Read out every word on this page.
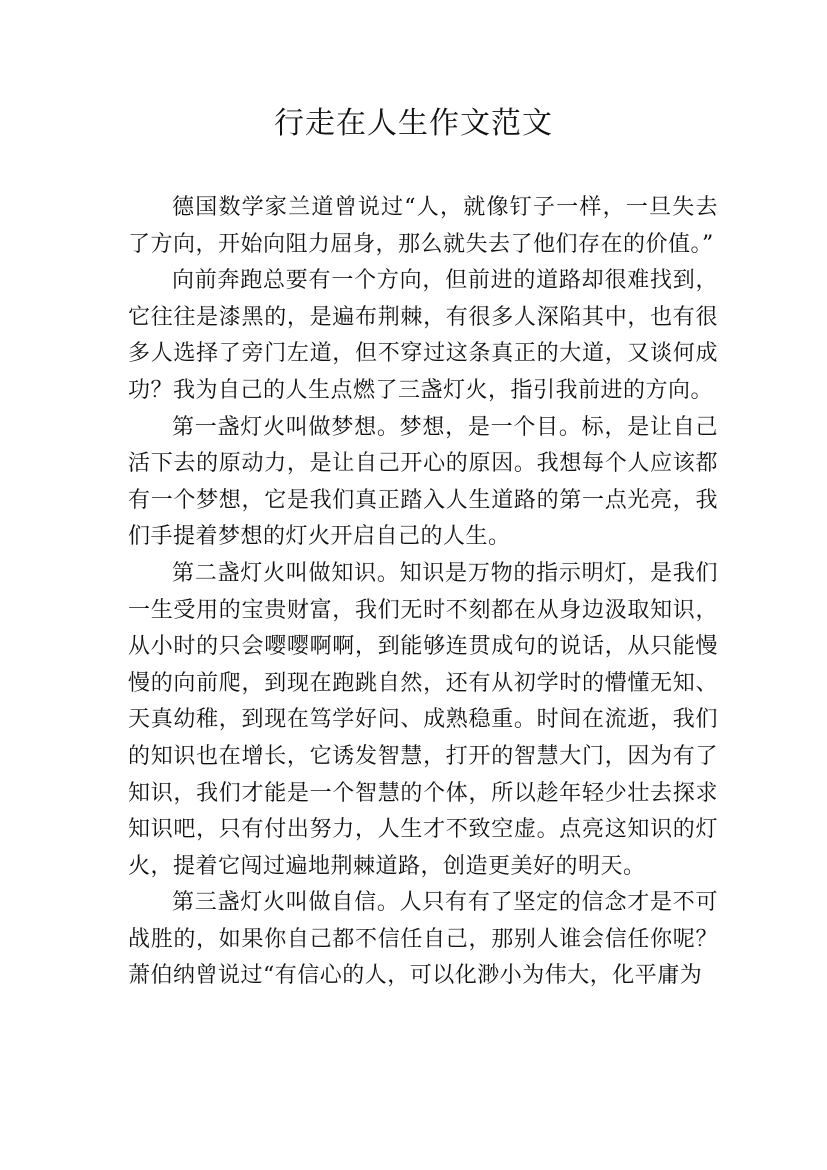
行走在人生作文范文

德国数学家兰道曾说过“人，就像钉子一样，一旦失去了方向，开始向阻力屈身，那么就失去了他们存在的价值。”

向前奔跑总要有一个方向，但前进的道路却很难找到，它往往是漆黑的，是遍布荆棘，有很多人深陷其中，也有很多人选择了旁门左道，但不穿过这条真正的大道，又谈何成功？我为自己的人生点燃了三盏灯火，指引我前进的方向。

第一盏灯火叫做梦想。梦想，是一个目。标，是让自己活下去的原动力，是让自己开心的原因。我想每个人应该都有一个梦想，它是我们真正踏入人生道路的第一点光亮，我们手提着梦想的灯火开启自己的人生。

第二盏灯火叫做知识。知识是万物的指示明灯，是我们一生受用的宝贵财富，我们无时不刻都在从身边汲取知识，从小时的只会嘤嘤啊啊，到能够连贯成句的说话，从只能慢慢的向前爬，到现在跑跳自然，还有从初学时的懵懂无知、天真幼稚，到现在笃学好问、成熟稳重。时间在流逝，我们的知识也在增长，它诱发智慧，打开的智慧大门，因为有了知识，我们才能是一个智慧的个体，所以趁年轻少壮去探求知识吧，只有付出努力，人生才不致空虚。点亮这知识的灯火，提着它闯过遍地荆棘道路，创造更美好的明天。

第三盏灯火叫做自信。人只有有了坚定的信念才是不可战胜的，如果你自己都不信任自己，那别人谁会信任你呢？萧伯纳曾说过“有信心的人，可以化渺小为伟大，化平庸为
